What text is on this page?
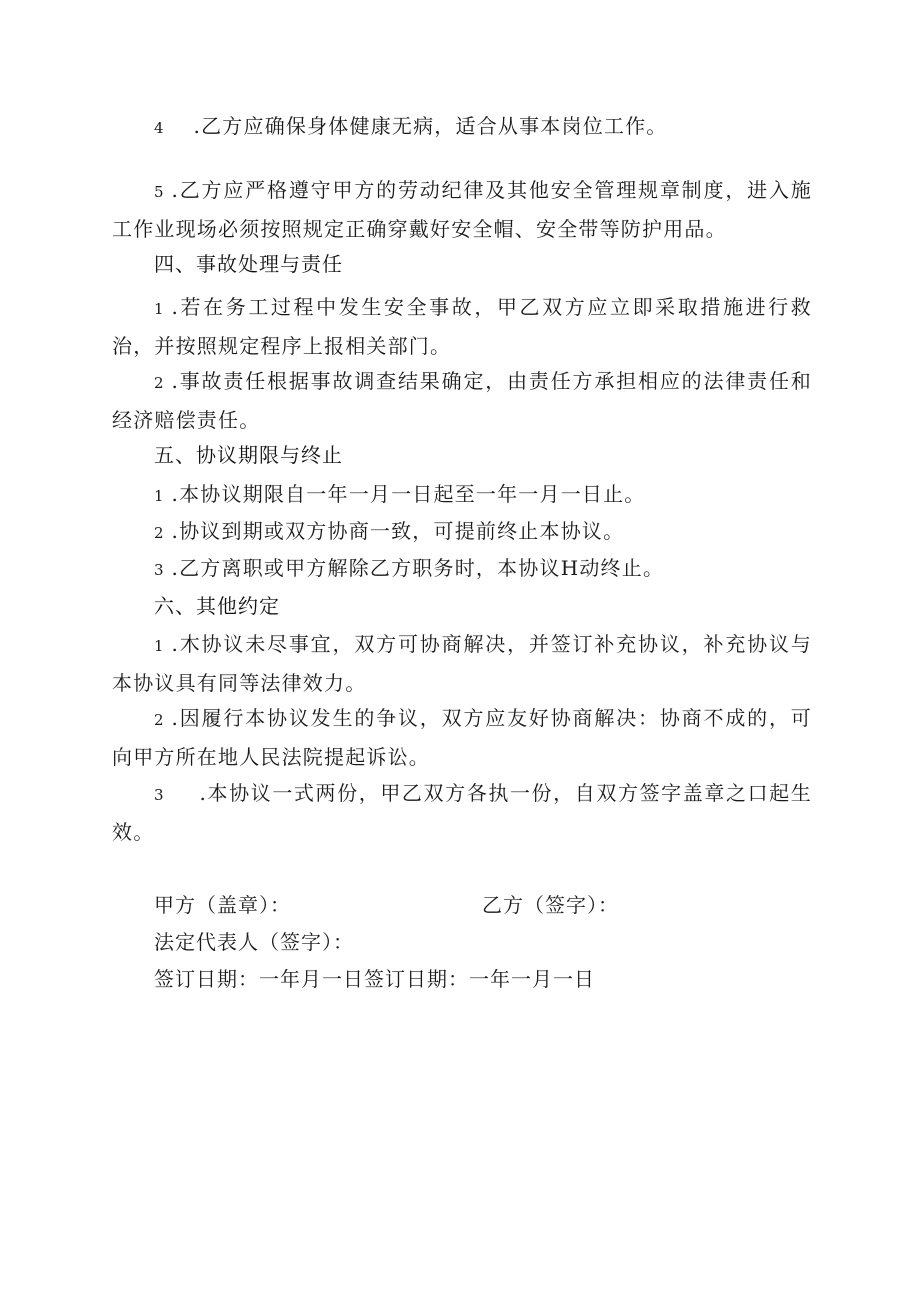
4 .乙方应确保身体健康无病，适合从事本岗位工作。
5 .乙方应严格遵守甲方的劳动纪律及其他安全管理规章制度，进入施工作业现场必须按照规定正确穿戴好安全帽、安全带等防护用品。
四、事故处理与责任
1 .若在务工过程中发生安全事故，甲乙双方应立即采取措施进行救治，并按照规定程序上报相关部门。
2 .事故责任根据事故调查结果确定，由责任方承担相应的法律责任和经济赔偿责任。
五、协议期限与终止
1 .本协议期限自一年一月一日起至一年一月一日止。
2 .协议到期或双方协商一致，可提前终止本协议。
3 .乙方离职或甲方解除乙方职务时，本协议H动终止。
六、其他约定
1 .木协议未尽事宜，双方可协商解决，并签订补充协议，补充协议与本协议具有同等法律效力。
2 .因履行本协议发生的争议，双方应友好协商解决：协商不成的，可向甲方所在地人民法院提起诉讼。
3 .本协议一式两份，甲乙双方各执一份，自双方签字盖章之口起生效。
甲方（盖章）：	乙方（签字）：
法定代表人（签字）：
签订日期：一年月一日签订日期：一年一月一日
